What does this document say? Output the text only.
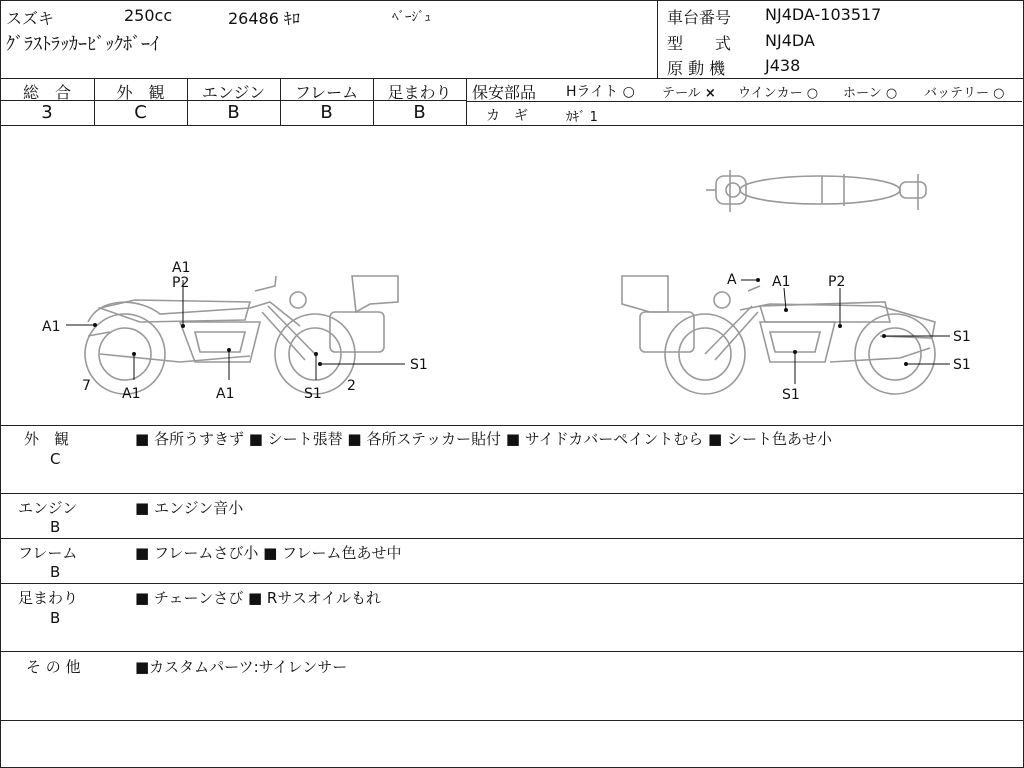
スズキ	250cc	26486 ｷﾛ	ﾍﾞｰｼﾞｭ
ｸﾞﾗｽﾄﾗｯｶｰﾋﾞｯｸﾎﾞｰｲ
車台番号 NJ4DA-103517
型　　式 NJ4DA
原 動 機 J438
総　合
3
外　観
C
エンジン
B
フレーム
B
足まわり
B
保安部品 Hライト ○ テール × ウインカー ○ ホーン ○ バッテリー ○
カ　ギ	ｶｷﾞ 1
A1
P2
A1
7 A1	A1
S1
2
S1
A	A1	P2
S1
S1
S1
外　観
C
■ 各所うすきず ■ シート張替 ■ 各所ステッカー貼付 ■ サイドカバーペイントむら ■ シート色あせ小
エンジン
B
■ エンジン音小
フレーム
B
■ フレームさび小 ■ フレーム色あせ中
足まわり
B
■ チェーンさび ■ Rサスオイルもれ
そ の 他	■カスタムパーツ:サイレンサー
